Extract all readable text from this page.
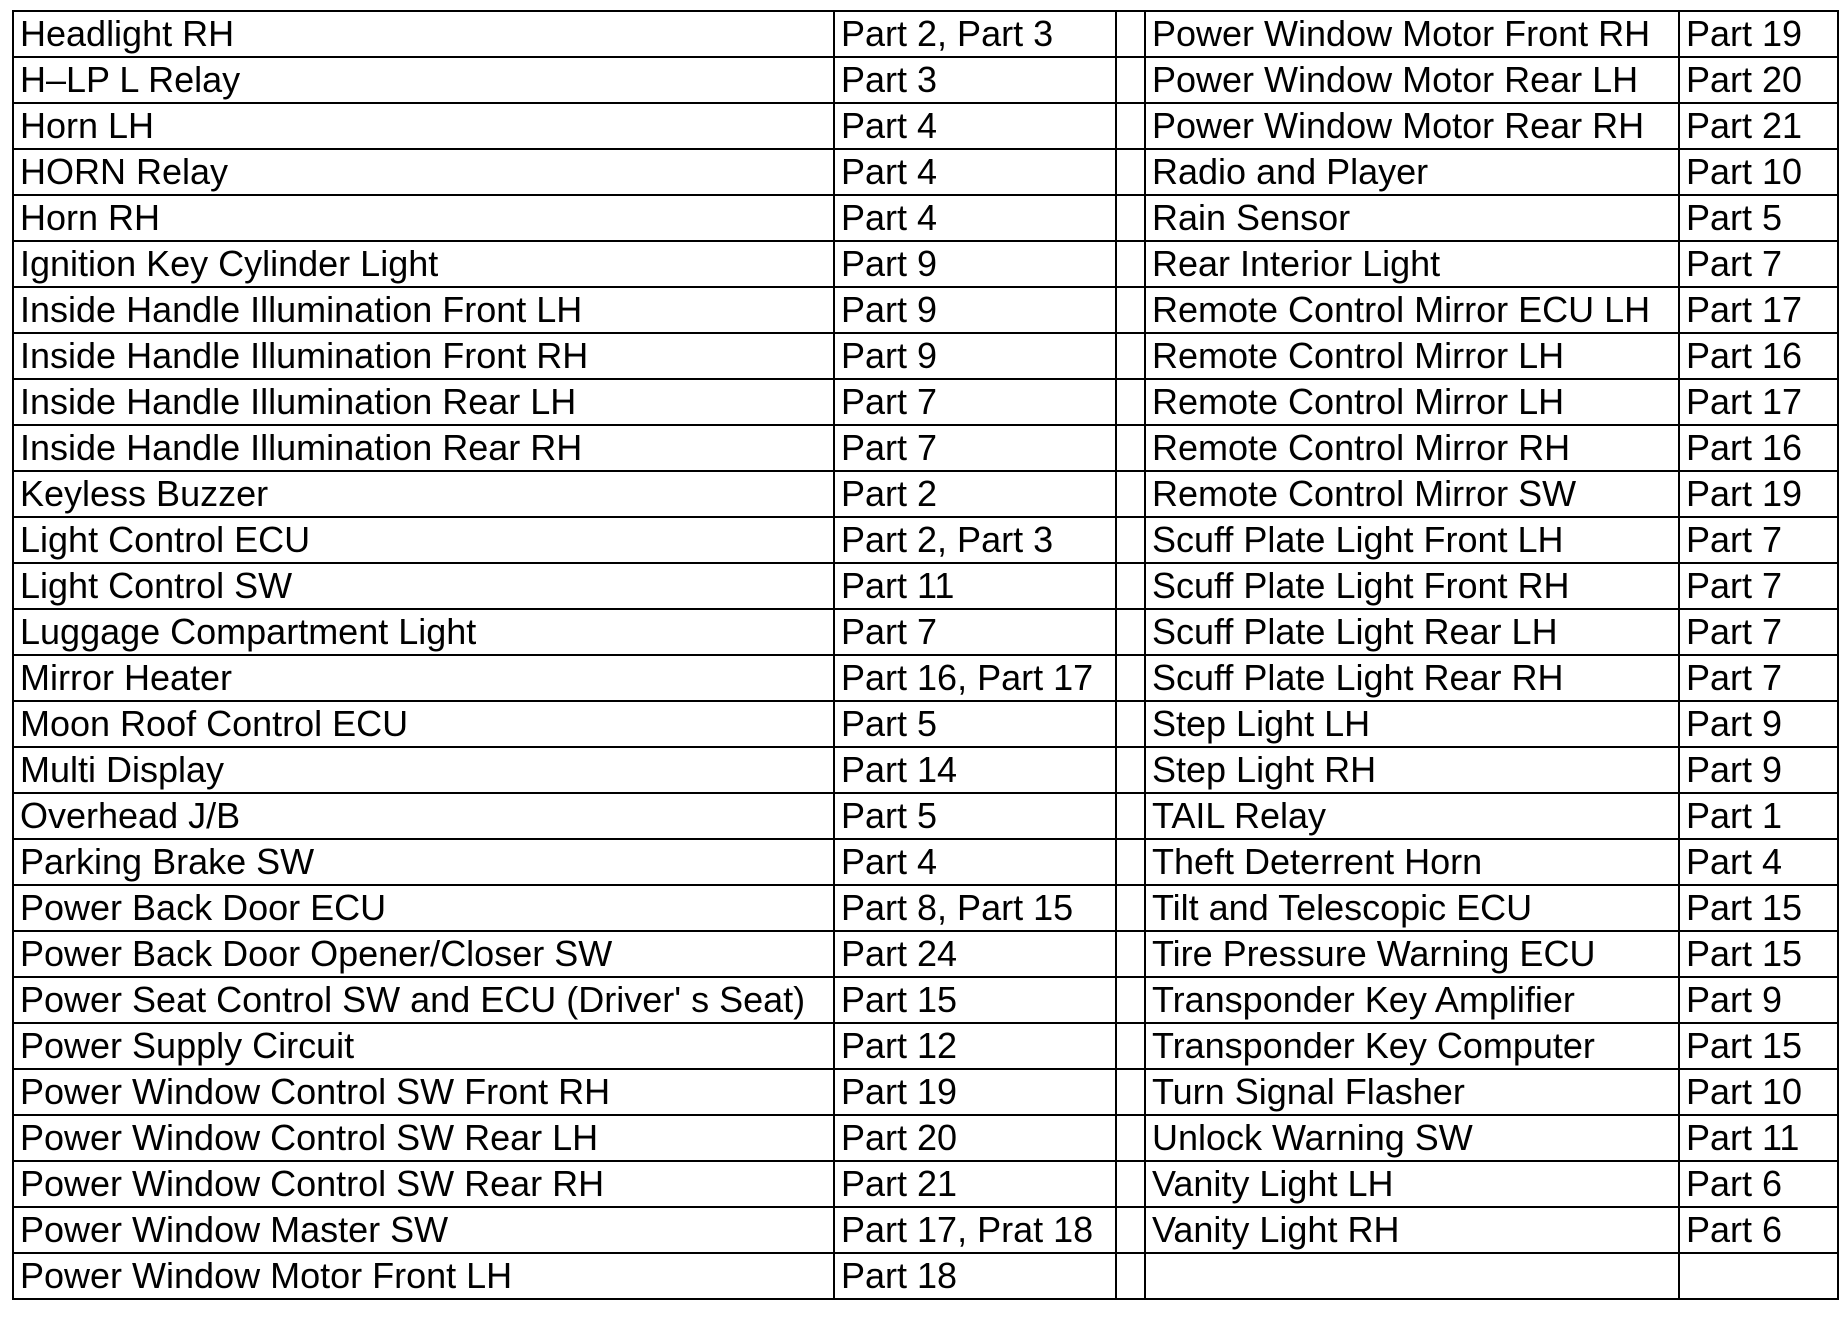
Headlight RH	Part 2, Part 3		Power Window Motor Front RH	Part 19
H–LP L Relay	Part 3		Power Window Motor Rear LH	Part 20
Horn LH	Part 4		Power Window Motor Rear RH	Part 21
HORN Relay	Part 4		Radio and Player	Part 10
Horn RH	Part 4		Rain Sensor	Part 5
Ignition Key Cylinder Light	Part 9		Rear Interior Light	Part 7
Inside Handle Illumination Front LH	Part 9		Remote Control Mirror ECU LH	Part 17
Inside Handle Illumination Front RH	Part 9		Remote Control Mirror LH	Part 16
Inside Handle Illumination Rear LH	Part 7		Remote Control Mirror LH	Part 17
Inside Handle Illumination Rear RH	Part 7		Remote Control Mirror RH	Part 16
Keyless Buzzer	Part 2		Remote Control Mirror SW	Part 19
Light Control ECU	Part 2, Part 3		Scuff Plate Light Front LH	Part 7
Light Control SW	Part 11		Scuff Plate Light Front RH	Part 7
Luggage Compartment Light	Part 7		Scuff Plate Light Rear LH	Part 7
Mirror Heater	Part 16, Part 17		Scuff Plate Light Rear RH	Part 7
Moon Roof Control ECU	Part 5		Step Light LH	Part 9
Multi Display	Part 14		Step Light RH	Part 9
Overhead J/B	Part 5		TAIL Relay	Part 1
Parking Brake SW	Part 4		Theft Deterrent Horn	Part 4
Power Back Door ECU	Part 8, Part 15		Tilt and Telescopic ECU	Part 15
Power Back Door Opener/Closer SW	Part 24		Tire Pressure Warning ECU	Part 15
Power Seat Control SW and ECU (Driver' s Seat)	Part 15		Transponder Key Amplifier	Part 9
Power Supply Circuit	Part 12		Transponder Key Computer	Part 15
Power Window Control SW Front RH	Part 19		Turn Signal Flasher	Part 10
Power Window Control SW Rear LH	Part 20		Unlock Warning SW	Part 11
Power Window Control SW Rear RH	Part 21		Vanity Light LH	Part 6
Power Window Master SW	Part 17, Prat 18		Vanity Light RH	Part 6
Power Window Motor Front LH	Part 18			
